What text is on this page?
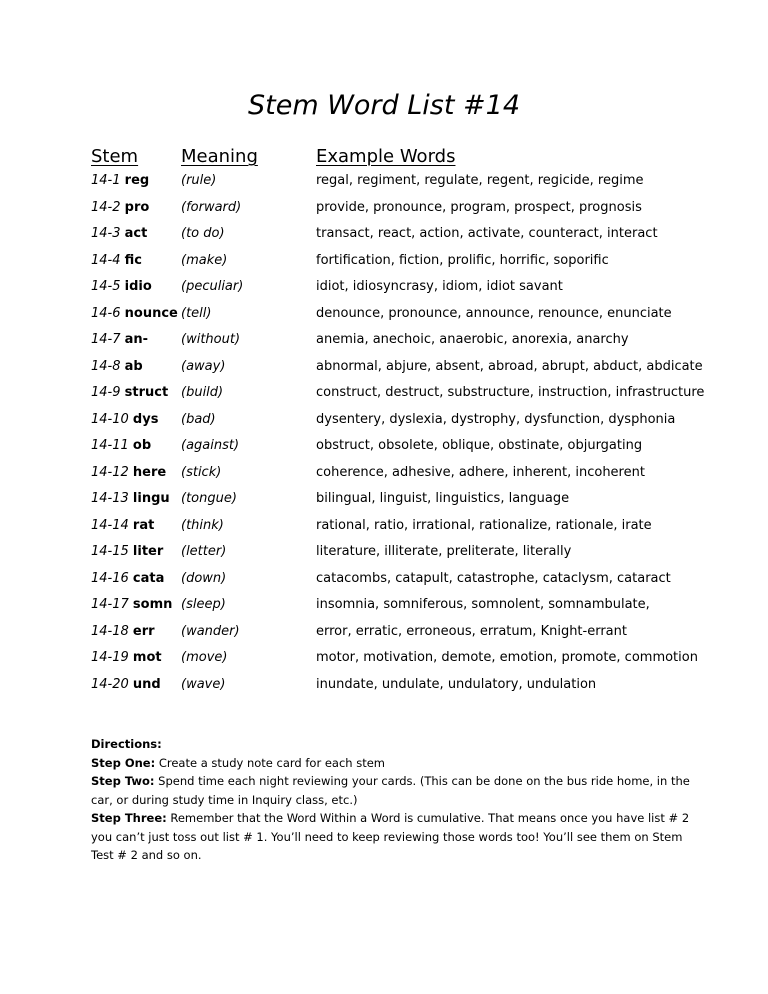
Stem Word List #14
Stem Meaning	Example Words
14-1 reg (rule)	regal, regiment, regulate, regent, regicide, regime
14-2 pro (forward)	provide, pronounce, program, prospect, prognosis
14-3 act	(to do)	transact, react, action, activate, counteract, interact
14-4 fic	(make)	fortification, fiction, prolific, horrific, soporific
14-5 idio (peculiar)	idiot, idiosyncrasy, idiom, idiot savant
14-6 nounce (tell)	denounce, pronounce, announce, renounce, enunciate
14-7 an-	(without)	anemia, anechoic, anaerobic, anorexia, anarchy
14-8 ab	(away)	abnormal, abjure, absent, abroad, abrupt, abduct, abdicate
14-9 struct (build)	construct, destruct, substructure, instruction, infrastructure
14-10 dys (bad)	dysentery, dyslexia, dystrophy, dysfunction, dysphonia
14-11 ob (against)	obstruct, obsolete, oblique, obstinate, objurgating
14-12 here (stick)	coherence, adhesive, adhere, inherent, incoherent
14-13 lingu (tongue)	bilingual, linguist, linguistics, language
14-14 rat (think)	rational, ratio, irrational, rationalize, rationale, irate
14-15 liter (letter)	literature, illiterate, preliterate, literally
14-16 cata (down)	catacombs, catapult, catastrophe, cataclysm, cataract
14-17 somn (sleep)	insomnia, somniferous, somnolent, somnambulate,
14-18 err (wander)	error, erratic, erroneous, erratum, Knight-errant
14-19 mot (move)	motor, motivation, demote, emotion, promote, commotion
14-20 und (wave)	inundate, undulate, undulatory, undulation

Directions:

Step One: Create a study note card for each stem

Step Two: Spend time each night reviewing your cards. (This can be done on the bus ride home, in the car, or during study time in Inquiry class, etc.)

Step Three: Remember that the Word Within a Word is cumulative. That means once you have list # 2 you can’t just toss out list # 1. You’ll need to keep reviewing those words too! You’ll see them on Stem Test # 2 and so on.
